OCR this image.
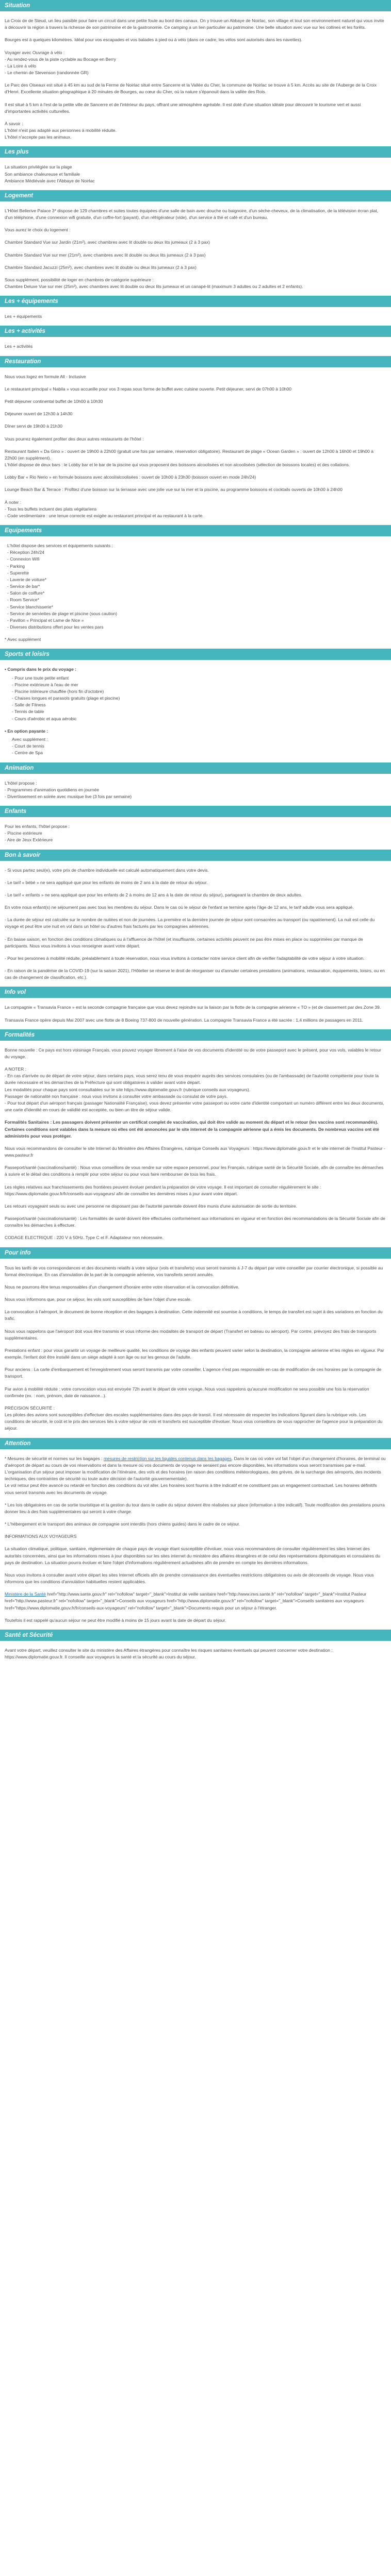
Situation

La Croix de de Steud, un lieu paisible pour faire un circuit dans une petite foule au bord des canaux. On y trouve un Abbaye de Noirlac, son village et tout son environnement naturel qui vous invite à découvrir la région à travers la richesse de son patrimoine et de la gastronomie. Ce camping a un lien particulier au patrimoine. Une belle situation avec vue sur les collines et les forêts.

Bourges est à quelques kilomètres. Idéal pour vos escapades et vos balades à pied ou à vélo (dans ce cadre, les vélos sont autorisés dans les navettes).

Voyager avec Ouvrage à vélo :
- Au rendez-vous de la piste cyclable au Bocage en Berry
- La Loire à vélo
- Le chemin de Stevenson (randonnée GR)

Le Parc des Oiseaux est situé à 45 km au sud de la Ferme de Noirlac situé entre Sancerre et la Vallée du Cher, la commune de Noirlac se trouve à 5 km. Accès au site de l'Auberge de la Croix d'Henri. Excellente situation géographique à 20 minutes de Bourges, au cœur du Cher, où la nature s'épanouit dans la vallée des Rois.

Il est situé à 5 km à l'est de la petite ville de Sancerre et de l'intérieur du pays, offrant une atmosphère agréable. Il est doté d'une situation idéale pour découvrir le tourisme vert et aussi d'importantes activités culturelles.

À savoir :
L'hôtel n'est pas adapté aux personnes à mobilité réduite.
L'hôtel n'accepte pas les animaux.

Les plus

La situation privilégiée sur la plage
Son ambiance chaleureuse et familiale
Ambiance Médiévale avec l'Abbaye de Noirlac

Logement

L'Hôtel Bellerive Palace 3* dispose de 129 chambres et suites toutes équipées d'une salle de bain avec douche ou baignoire, d'un sèche-cheveux, de la climatisation, de la télévision écran plat, d'un téléphone, d'une connexion wifi gratuite, d'un coffre-fort (payant), d'un réfrigérateur (vide), d'un service à thé et café et d'un bureau.

Vous aurez le choix du logement :

Chambre Standard Vue sur Jardin (21m²), avec chambres avec lit double ou deux lits jumeaux (2 à 3 pax)

Chambre Standard Vue sur mer (21m²), avec chambres avec lit double ou deux lits jumeaux (2 à 3 pax)

Chambre Standard Jacuzzi (25m²), avec chambres avec lit double ou deux lits jumeaux (2 à 3 pax)

Sous supplément, possibilité de loger en chambres de catégorie supérieure :
Chambre Deluxe Vue sur mer (25m²), avec chambres avec lit double ou deux lits jumeaux et un canapé-lit (maximum 3 adultes ou 2 adultes et 2 enfants).

Les + équipements

Les + équipements

Les + activités

Les + activités

Restauration

Nous vous logez en formule All - Inclusive

Le restaurant principal « Nabila » vous accueille pour vos 3 repas sous forme de buffet avec cuisine ouverte. Petit déjeuner, servi de 07h00 à 10h00

Petit déjeuner continental buffet de 10h00 à 10h30

Déjeuner ouvert de 12h30 à 14h30

Dîner servi de 19h00 à 21h30

Vous pourrez également profiter des deux autres restaurants de l'hôtel :

Restaurant Italien « Da Gino » : ouvert de 19h00 à 22h00 (gratuit une fois par semaine, réservation obligatoire). Restaurant de plage « Ocean Garden » : ouvert de 12h00 à 16h00 et 19h00 à 22h00 (en supplément).
L'hôtel dispose de deux bars : le Lobby bar et le bar de la piscine qui vous proposent des boissons alcoolisées et non alcoolisées (sélection de boissons locales) et des collations.

Lobby Bar « Rio Nerio » en formule boissons avec alcool/alcoolisées : ouvert de 10h00 à 23h30 (boisson ouvert en mode 24h/24)

Lounge Beach Bar & Terrace : Profitez d'une boisson sur la terrasse avec une jolie vue sur la mer et la piscine, au programme boissons et cocktails ouverts de 10h00 à 24h00

À noter :
- Tous les buffets incluent des plats végétariens
- Code vestimentaire : une tenue correcte est exigée au restaurant principal et au restaurant à la carte.

Equipements
L'hôtel dispose des services et équipements suivants :
- Réception 24h/24
- Connexion Wifi
- Parking
- Superette
- Laverie de voiture*
- Service de bar*
- Salon de coiffure*
- Room Service*
- Service blanchisserie*
- Service de serviettes de plage et piscine (sous caution)
- Pavillon « Principal et Lame de Nice »
- Diverses distributions offert pour les ventes pars

* Avec supplément

Sports et loisirs
• Compris dans le prix du voyage :
- Pour une toute petite enfant
- Piscine extérieure à l'eau de mer
- Piscine intérieure chauffée (hors fin d'octobre)
- Chaises longues et parasols gratuits (plage et piscine)
- Salle de Fitness
- Tennis de table
- Cours d'aérobic et aqua aérobic
• En option payante :
Avec supplément :
- Court de tennis
- Centre de Spa
Animation

L'hôtel propose :
- Programmes d'animation quotidiens en journée
- Divertissement en soirée avec musique live (3 fois par semaine)

Enfants

Pour les enfants, l'hôtel propose :
- Piscine extérieure
- Aire de Jeux Extérieure

Bon à savoir

- Si vous partez seul(e), votre prix de chambre individuelle est calculé automatiquement dans votre devis.

- Le tarif « bébé » ne sera appliqué que pour les enfants de moins de 2 ans à la date de retour du séjour.

- Le tarif « enfants » ne sera appliqué que pour les enfants de 2 à moins de 12 ans à la date de retour du séjour), partageant la chambre de deux adultes.

En votre nous enfant(s) ne séjournent pas avec tous les membres du séjour. Dans le cas où le séjour de l'enfant se termine après l'âge de 12 ans, le tarif adulte vous sera appliqué.

- La durée de séjour est calculée sur le nombre de nuitées et non de journées. La première et la dernière journée de séjour sont consacrées au transport (ou rapatriement). La nuit est celle du voyage et peut être une nuit en vol dans un hôtel ou d'autres frais facturés par les compagnies aériennes.

- En basse saison, en fonction des conditions climatiques ou à l'affluence de l'hôtel (et insuffisante, certaines activités peuvent ne pas être mises en place ou supprimées par manque de participants. Nous vous invitons à vous renseigner avant votre départ.

- Pour les personnes à mobilité réduite, préalablement à toute réservation, nous vous invitons à contacter notre service client afin de vérifier l'adaptabilité de votre séjour à votre situation.

- En raison de la pandémie de la COVID-19 (sur la saison 2021), l'Hôtelier se réserve le droit de réorganiser ou d'annuler certaines prestations (animations, restauration, équipements, loisirs, ou en cas de changement de classification, etc.).

Info vol

La compagnie « Transavia France » est la seconde compagnie française que vous devez rejoindre sur la liaison par la flotte de la compagnie aérienne « TO » (et de classement par des Zone 39.

Transavia France opère depuis Mai 2007 avec une flotte de 8 Boeing 737-800 de nouvelle génération. La compagnie Transavia France a été sacrée : 1,4 millions de passagers en 2011.

Formalités

Bonne nouvelle : Ce pays est hors voisinage Français, vous pouvez voyager librement à l'aise de vos documents d'identité ou de votre passeport avec le présent, pour vos vols, valables le retour du voyage.

A NOTER :
- En cas d'arrivée ou de départ de votre séjour, dans certains pays, vous serez tenu de vous enquérir auprès des services consulaires (ou de l'ambassade) de l'autorité compétente pour toute la durée nécessaire et les démarches de la Préfecture qui sont obligatoires à valider avant votre départ.
Les modalités pour chaque pays sont consultables sur le site https://www.diplomatie.gouv.fr (rubrique conseils aux voyageurs).
Passager de nationalité non française : nous vous invitons à consulter votre ambassade ou consulat de votre pays.
- Pour tout départ d'un aéroport français (passager Nationalité Française), vous devez présenter votre passeport ou votre carte d'identité comportant un numéro différent entre les deux documents, une carte d'identité en cours de validité est acceptée, ou bien un titre de séjour valide.

Formalités Sanitaires : Les passagers doivent présenter un certificat complet de vaccination, qui doit être valide au moment du départ et le retour (les vaccins sont recommandés). Certaines conditions sont valables dans la mesure où elles ont été annoncées par le site internet de la compagnie aérienne qui a émis les documents. De nombreux vaccins ont été administrés pour vous protéger.

Nous vous recommandons de consulter le site Internet du Ministère des Affaires Étrangères, rubrique Conseils aux Voyageurs : https://www.diplomatie.gouv.fr et le site internet de l'Institut Pasteur - www.pasteur.fr

Passeport/santé (vaccinations/santé) : Nous vous conseillons de vous rendre sur votre espace personnel, pour les Français, rubrique santé de la Sécurité Sociale, afin de connaître les démarches à suivre et le détail des conditions à remplir pour votre séjour ou pour vous faire rembourser de tous les frais.

Les règles relatives aux franchissements des frontières peuvent évoluer pendant la préparation de votre voyage. Il est important de consulter régulièrement le site : https://www.diplomatie.gouv.fr/fr/conseils-aux-voyageurs/ afin de connaître les dernières mises à jour avant votre départ.

Les retours voyageant seuls ou avec une personne ne disposant pas de l'autorité parentale doivent être munis d'une autorisation de sortie du territoire.

Passeport/santé (vaccinations/santé) : Les formalités de santé doivent être effectuées conformément aux informations en vigueur et en fonction des recommandations de la Sécurité Sociale afin de connaître les démarches à effectuer.

CODAGE ELECTRIQUE : 220 V à 50Hz. Type C et F. Adaptateur non nécessaire.

Pour info

Tous les tarifs de vos correspondances et des documents relatifs à votre séjour (vols et transferts) vous seront transmis à J-7 du départ par votre conseiller par courrier électronique, si possible au format électronique. En cas d'annulation de la part de la compagnie aérienne, vos transferts seront annulés.

Nous ne pourrons être tenus responsables d'un changement d'horaire entre votre réservation et la convocation définitive.

Nous vous informons que, pour ce séjour, les vols sont susceptibles de faire l'objet d'une escale.

La convocation à l'aéroport, le document de bonne réception et des bagages à destination. Cette indemnité est soumise à conditions, le temps de transfert est sujet à des variations en fonction du trafic.

Nous vous rappelons que l'aéroport doit vous être transmis et vous informe des modalités de transport de départ (Transfert en bateau ou aéroport). Par contre, prévoyez des frais de transports supplémentaires.

Prestations enfant : pour vous garantir un voyage de meilleure qualité, les conditions de voyage des enfants peuvent varier selon la destination, la compagnie aérienne et les règles en vigueur. Par exemple, l'enfant doit être installé dans un siège adapté à son âge ou sur les genoux de l'adulte.

Pour anciens : La carte d'embarquement et l'enregistrement vous seront transmis par votre conseiller. L'agence n'est pas responsable en cas de modification de ces horaires par la compagnie de transport.

Par avion à mobilité réduite : votre convocation vous est envoyée 72h avant le départ de votre voyage. Nous vous rappelons qu'aucune modification ne sera possible une fois la réservation confirmée (ex. : nom, prénom, date de naissance...).

PRÉCISION SÉCURITÉ :
Les pilotes des avions sont susceptibles d'effectuer des escales supplémentaires dans des pays de transit. Il est nécessaire de respecter les indications figurant dans la rubrique vols. Les conditions de sécurité, le coût et le prix des services liés à votre séjour de vols et transferts est susceptible d'évoluer. Nous vous conseillons de vous rapprocher de l'agence pour la préparation du séjour.

Attention

* Mesures de sécurité et normes sur les bagages : mesures de restriction sur les liquides contenus dans les bagages. Dans le cas où votre vol fait l'objet d'un changement d'horaires, de terminal ou d'aéroport de départ au cours de vos réservations et dans la mesure où vos documents de voyage ne seraient pas encore disponibles, les informations vous seront transmises par e-mail. L'organisation d'un séjour peut imposer la modification de l'itinéraire, des vols et des horaires (en raison des conditions météorologiques, des grèves, de la surcharge des aéroports, des incidents techniques, des contraintes de sécurité ou toute autre décision de l'autorité gouvernementale).
Le vol retour peut être avancé ou retardé en fonction des conditions du vol aller. Les horaires sont fournis à titre indicatif et ne constituent pas un engagement contractuel. Les horaires définitifs vous seront transmis avec les documents de voyage.

* Les lois obligatoires en cas de sortie touristique et la gestion du tour dans le cadre du séjour doivent être réalisées sur place (information à titre indicatif). Toute modification des prestations pourra donner lieu à des frais supplémentaires qui seront à votre charge.

* L'hébergement et le transport des animaux de compagnie sont interdits (hors chiens guides) dans le cadre de ce séjour.

INFORMATIONS AUX VOYAGEURS

La situation climatique, politique, sanitaire, réglementaire de chaque pays de voyage étant susceptible d'évoluer, nous vous recommandons de consulter régulièrement les sites Internet des autorités concernées, ainsi que les informations mises à jour disponibles sur les sites internet du ministère des affaires étrangères et de celui des représentations diplomatiques et consulaires du pays de destination. La situation pourra évoluer et faire l'objet d'informations régulièrement actualisées afin de prendre en compte les dernières informations.

Nous vous invitons à consulter avant votre départ les sites Internet officiels afin de prendre connaissance des éventuelles restrictions obligatoires ou avis de déconseils de voyage. Nous vous informons que les conditions d'annulation habituelles restent applicables.

Ministère de la Santé href="http://www.sante.gouv.fr" rel="nofollow" target="_blank">Institut de veille sanitaire href="http://www.invs.sante.fr" rel="nofollow" target="_blank">Institut Pasteur href="http://www.pasteur.fr" rel="nofollow" target="_blank">Conseils aux voyageurs href="http://www.diplomatie.gouv.fr" rel="nofollow" target="_blank">Conseils sanitaires aux voyageurs href="https://www.diplomatie.gouv.fr/fr/conseils-aux-voyageurs" rel="nofollow" target="_blank">Documents requis pour un séjour à l'étranger.

Toutefois il est rappelé qu'aucun séjour ne peut être modifié à moins de 15 jours avant la date de départ du séjour.

Santé et Sécurité

Avant votre départ, veuillez consulter le site du ministère des Affaires étrangères pour connaître les risques sanitaires éventuels qui peuvent concerner votre destination : https://www.diplomatie.gouv.fr. Il conseille aux voyageurs la santé et la sécurité au cours du séjour.
